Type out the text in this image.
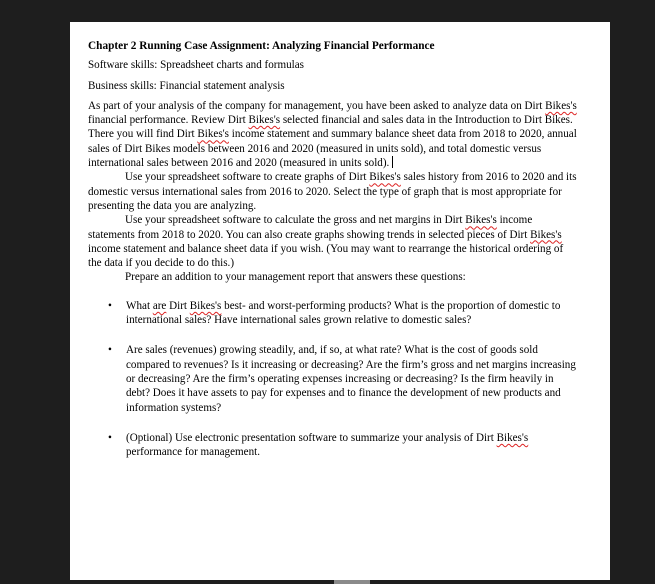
Chapter 2 Running Case Assignment: Analyzing Financial Performance

Software skills: Spreadsheet charts and formulas

Business skills: Financial statement analysis

As part of your analysis of the company for management, you have been asked to analyze data on Dirt Bikes's financial performance. Review Dirt Bikes's selected financial and sales data in the Introduction to Dirt Bikes. There you will find Dirt Bikes's income statement and summary balance sheet data from 2018 to 2020, annual sales of Dirt Bikes models between 2016 and 2020 (measured in units sold), and total domestic versus international sales between 2016 and 2020 (measured in units sold).

Use your spreadsheet software to create graphs of Dirt Bikes's sales history from 2016 to 2020 and its domestic versus international sales from 2016 to 2020. Select the type of graph that is most appropriate for presenting the data you are analyzing.

Use your spreadsheet software to calculate the gross and net margins in Dirt Bikes's income statements from 2018 to 2020. You can also create graphs showing trends in selected pieces of Dirt Bikes's income statement and balance sheet data if you wish. (You may want to rearrange the historical ordering of the data if you decide to do this.)

Prepare an addition to your management report that answers these questions:

• What are Dirt Bikes's best- and worst-performing products? What is the proportion of domestic to international sales? Have international sales grown relative to domestic sales?
• Are sales (revenues) growing steadily, and, if so, at what rate? What is the cost of goods sold compared to revenues? Is it increasing or decreasing? Are the firm’s gross and net margins increasing or decreasing? Are the firm’s operating expenses increasing or decreasing? Is the firm heavily in debt? Does it have assets to pay for expenses and to finance the development of new products and information systems?
• (Optional) Use electronic presentation software to summarize your analysis of Dirt Bikes's performance for management.
